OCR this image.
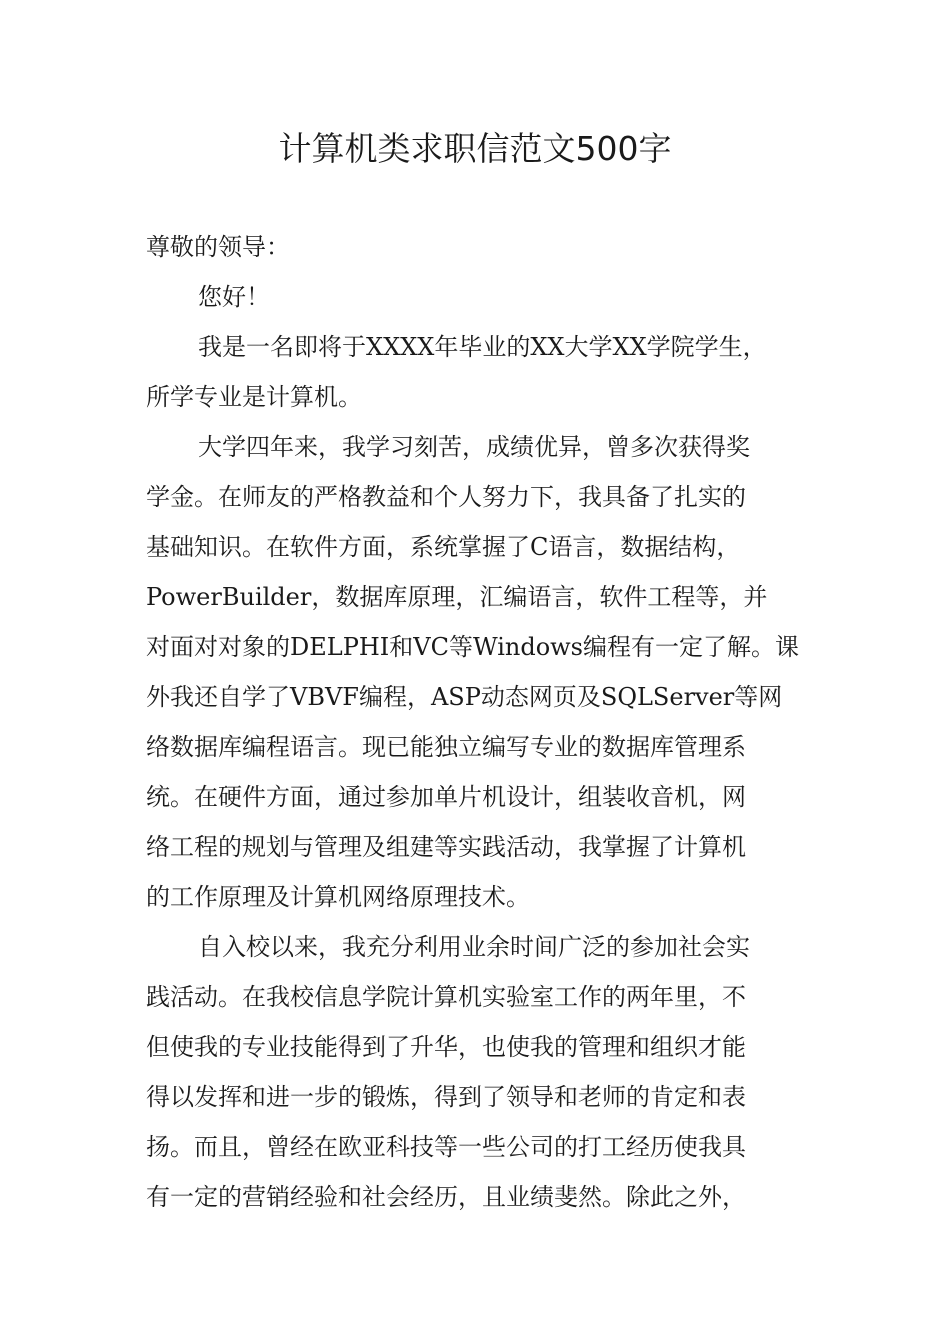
计算机类求职信范文500字

尊敬的领导：

您好！

我是一名即将于XXXX年毕业的XX大学XX学院学生，

所学专业是计算机。

大学四年来，我学习刻苦，成绩优异，曾多次获得奖

学金。在师友的严格教益和个人努力下，我具备了扎实的

基础知识。在软件方面，系统掌握了C语言，数据结构，

PowerBuilder，数据库原理，汇编语言，软件工程等，并

对面对对象的DELPHI和VC等Windows编程有一定了解。课

外我还自学了VBVF编程，ASP动态网页及SQLServer等网

络数据库编程语言。现已能独立编写专业的数据库管理系

统。在硬件方面，通过参加单片机设计，组装收音机，网

络工程的规划与管理及组建等实践活动，我掌握了计算机

的工作原理及计算机网络原理技术。

自入校以来，我充分利用业余时间广泛的参加社会实

践活动。在我校信息学院计算机实验室工作的两年里，不

但使我的专业技能得到了升华，也使我的管理和组织才能

得以发挥和进一步的锻炼，得到了领导和老师的肯定和表

扬。而且，曾经在欧亚科技等一些公司的打工经历使我具

有一定的营销经验和社会经历，且业绩斐然。除此之外，
